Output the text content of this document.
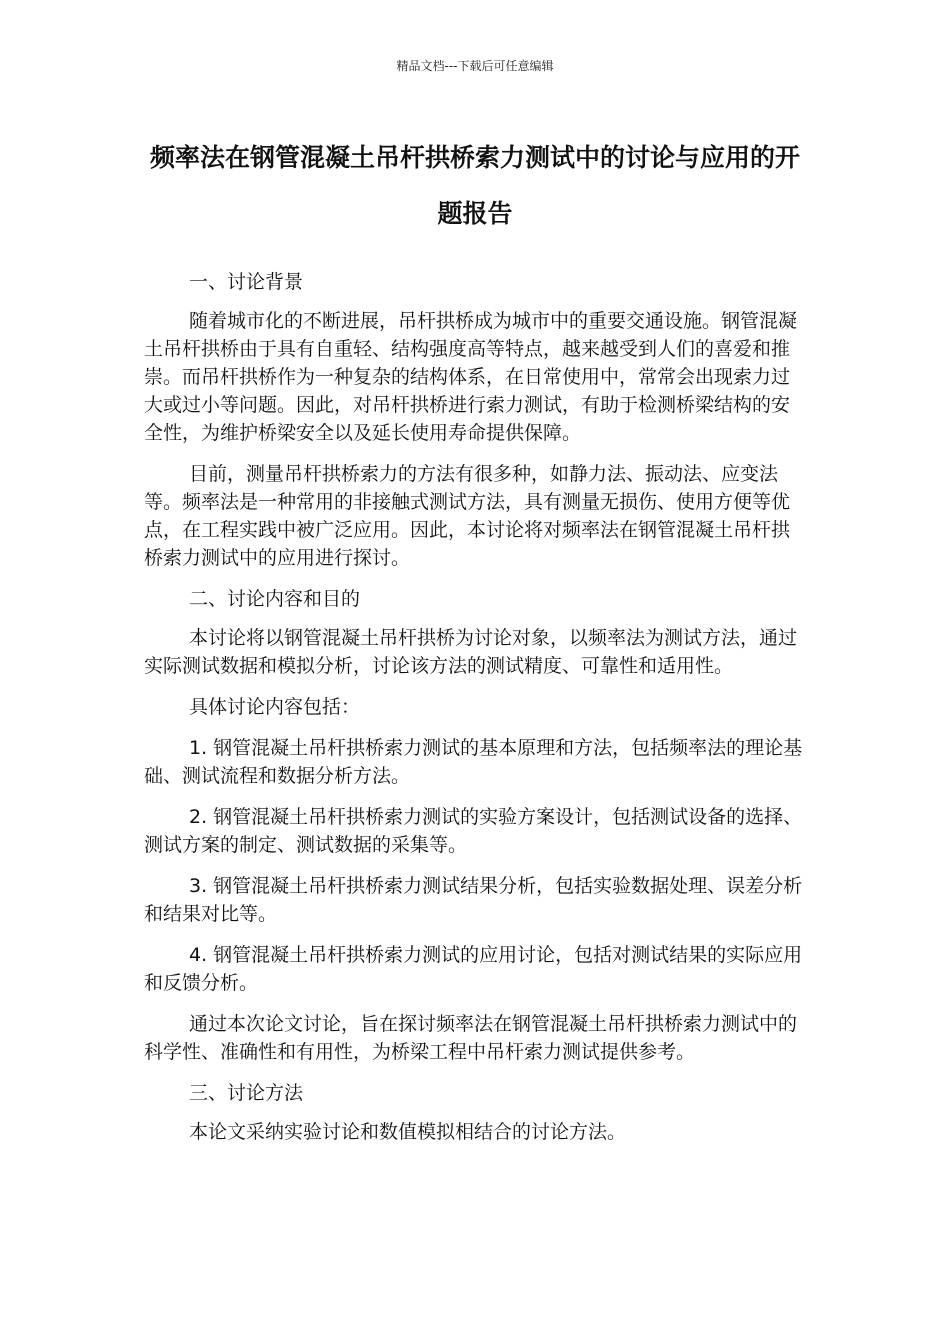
精品文档---下载后可任意编辑
频率法在钢管混凝土吊杆拱桥索力测试中的讨论与应用的开题报告

一、讨论背景

随着城市化的不断进展，吊杆拱桥成为城市中的重要交通设施。钢管混凝土吊杆拱桥由于具有自重轻、结构强度高等特点，越来越受到人们的喜爱和推崇。而吊杆拱桥作为一种复杂的结构体系，在日常使用中，常常会出现索力过大或过小等问题。因此，对吊杆拱桥进行索力测试，有助于检测桥梁结构的安全性，为维护桥梁安全以及延长使用寿命提供保障。

目前，测量吊杆拱桥索力的方法有很多种，如静力法、振动法、应变法等。频率法是一种常用的非接触式测试方法，具有测量无损伤、使用方便等优点，在工程实践中被广泛应用。因此，本讨论将对频率法在钢管混凝土吊杆拱桥索力测试中的应用进行探讨。

二、讨论内容和目的

本讨论将以钢管混凝土吊杆拱桥为讨论对象，以频率法为测试方法，通过实际测试数据和模拟分析，讨论该方法的测试精度、可靠性和适用性。

具体讨论内容包括：

1. 钢管混凝土吊杆拱桥索力测试的基本原理和方法，包括频率法的理论基础、测试流程和数据分析方法。

2. 钢管混凝土吊杆拱桥索力测试的实验方案设计，包括测试设备的选择、测试方案的制定、测试数据的采集等。

3. 钢管混凝土吊杆拱桥索力测试结果分析，包括实验数据处理、误差分析和结果对比等。

4. 钢管混凝土吊杆拱桥索力测试的应用讨论，包括对测试结果的实际应用和反馈分析。

通过本次论文讨论，旨在探讨频率法在钢管混凝土吊杆拱桥索力测试中的科学性、准确性和有用性，为桥梁工程中吊杆索力测试提供参考。

三、讨论方法

本论文采纳实验讨论和数值模拟相结合的讨论方法。
